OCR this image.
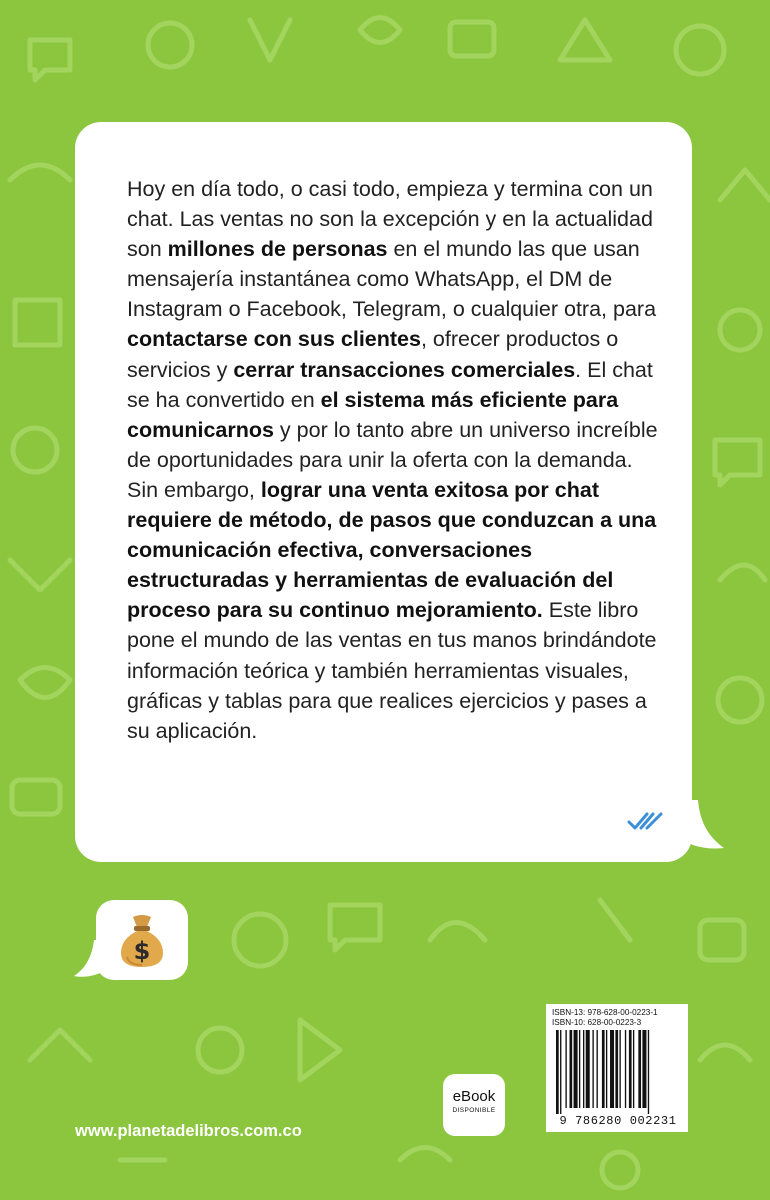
Hoy en día todo, o casi todo, empieza y termina con un chat. Las ventas no son la excepción y en la actualidad son millones de personas en el mundo las que usan mensajería instantánea como WhatsApp, el DM de Instagram o Facebook, Telegram, o cualquier otra, para contactarse con sus clientes, ofrecer productos o servicios y cerrar transacciones comerciales. El chat se ha convertido en el sistema más eficiente para comunicarnos y por lo tanto abre un universo increíble de oportunidades para unir la oferta con la demanda. Sin embargo, lograr una venta exitosa por chat requiere de método, de pasos que conduzcan a una comunicación efectiva, conversaciones estructuradas y herramientas de evaluación del proceso para su continuo mejoramiento. Este libro pone el mundo de las ventas en tus manos brindándote información teórica y también herramientas visuales, gráficas y tablas para que realices ejercicios y pases a su aplicación.

$
ISBN-13: 978-628-00-0223-1
ISBN-10: 628-00-0223-3
9 786280 002231
eBook
DISPONIBLE
www.planetadelibros.com.co
